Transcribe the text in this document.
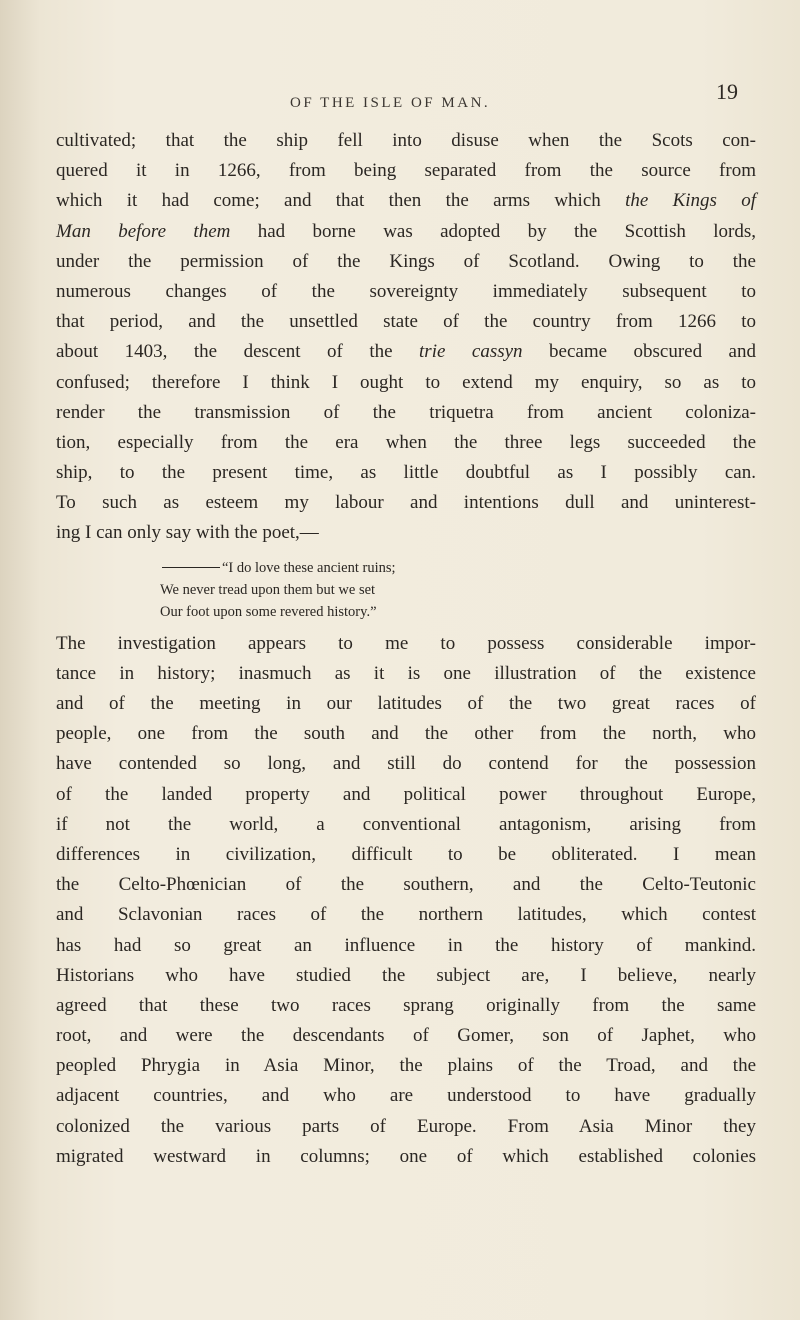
OF THE ISLE OF MAN.	19
cultivated; that the ship fell into disuse when the Scots con-
quered it in 1266, from being separated from the source from
which it had come; and that then the arms which the Kings of
Man before them had borne was adopted by the Scottish lords,
under the permission of the Kings of Scotland. Owing to the
numerous changes of the sovereignty immediately subsequent to
that period, and the unsettled state of the country from 1266 to
about 1403, the descent of the trie cassyn became obscured and
confused; therefore I think I ought to extend my enquiry, so as to
render the transmission of the triquetra from ancient coloniza-
tion, especially from the era when the three legs succeeded the
ship, to the present time, as little doubtful as I possibly can.
To such as esteem my labour and intentions dull and uninterest-
ing I can only say with the poet,—
“I do love these ancient ruins;
We never tread upon them but we set
Our foot upon some revered history.”
The investigation appears to me to possess considerable impor-
tance in history; inasmuch as it is one illustration of the existence
and of the meeting in our latitudes of the two great races of
people, one from the south and the other from the north, who
have contended so long, and still do contend for the possession
of the landed property and political power throughout Europe,
if not the world, a conventional antagonism, arising from
differences in civilization, difficult to be obliterated. I mean
the Celto-Phœnician of the southern, and the Celto-Teutonic
and Sclavonian races of the northern latitudes, which contest
has had so great an influence in the history of mankind.
Historians who have studied the subject are, I believe, nearly
agreed that these two races sprang originally from the same
root, and were the descendants of Gomer, son of Japhet, who
peopled Phrygia in Asia Minor, the plains of the Troad, and the
adjacent countries, and who are understood to have gradually
colonized the various parts of Europe. From Asia Minor they
migrated westward in columns; one of which established colonies
